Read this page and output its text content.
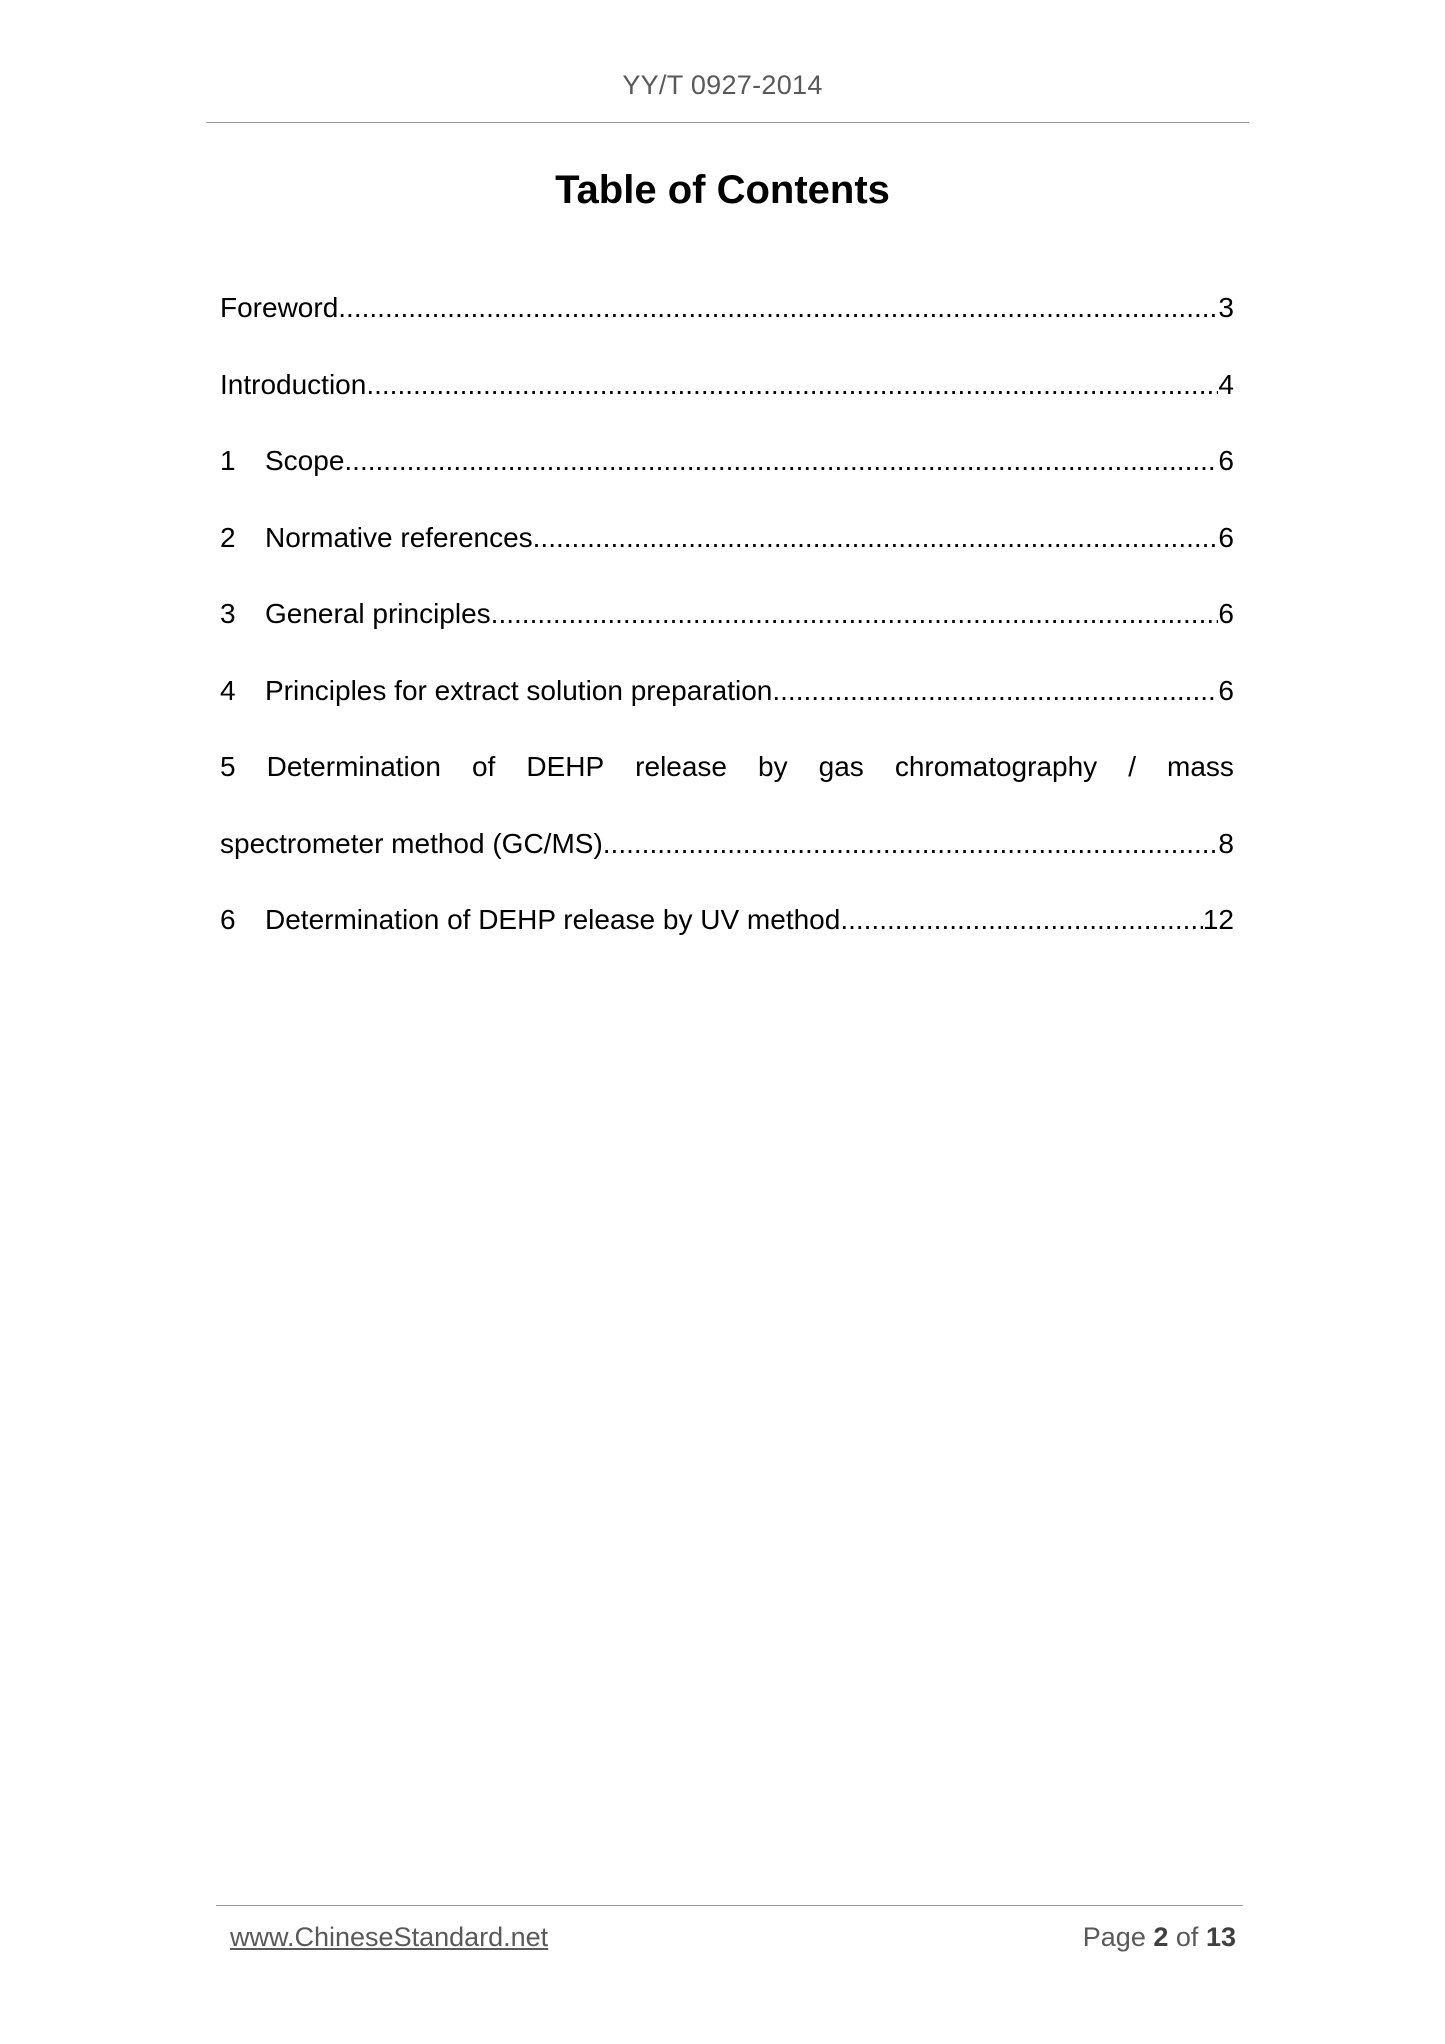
YY/T 0927-2014
Table of Contents
Foreword .....	3
Introduction .....	4
1	Scope .....	6
2	Normative references .....	6
3	General principles .....	6
4	Principles for extract solution preparation .....	6
5 Determination of DEHP release by gas chromatography / mass
spectrometer method (GC/MS) .....	8
6	Determination of DEHP release by UV method .....	12
www.ChineseStandard.net	Page 2 of 13
